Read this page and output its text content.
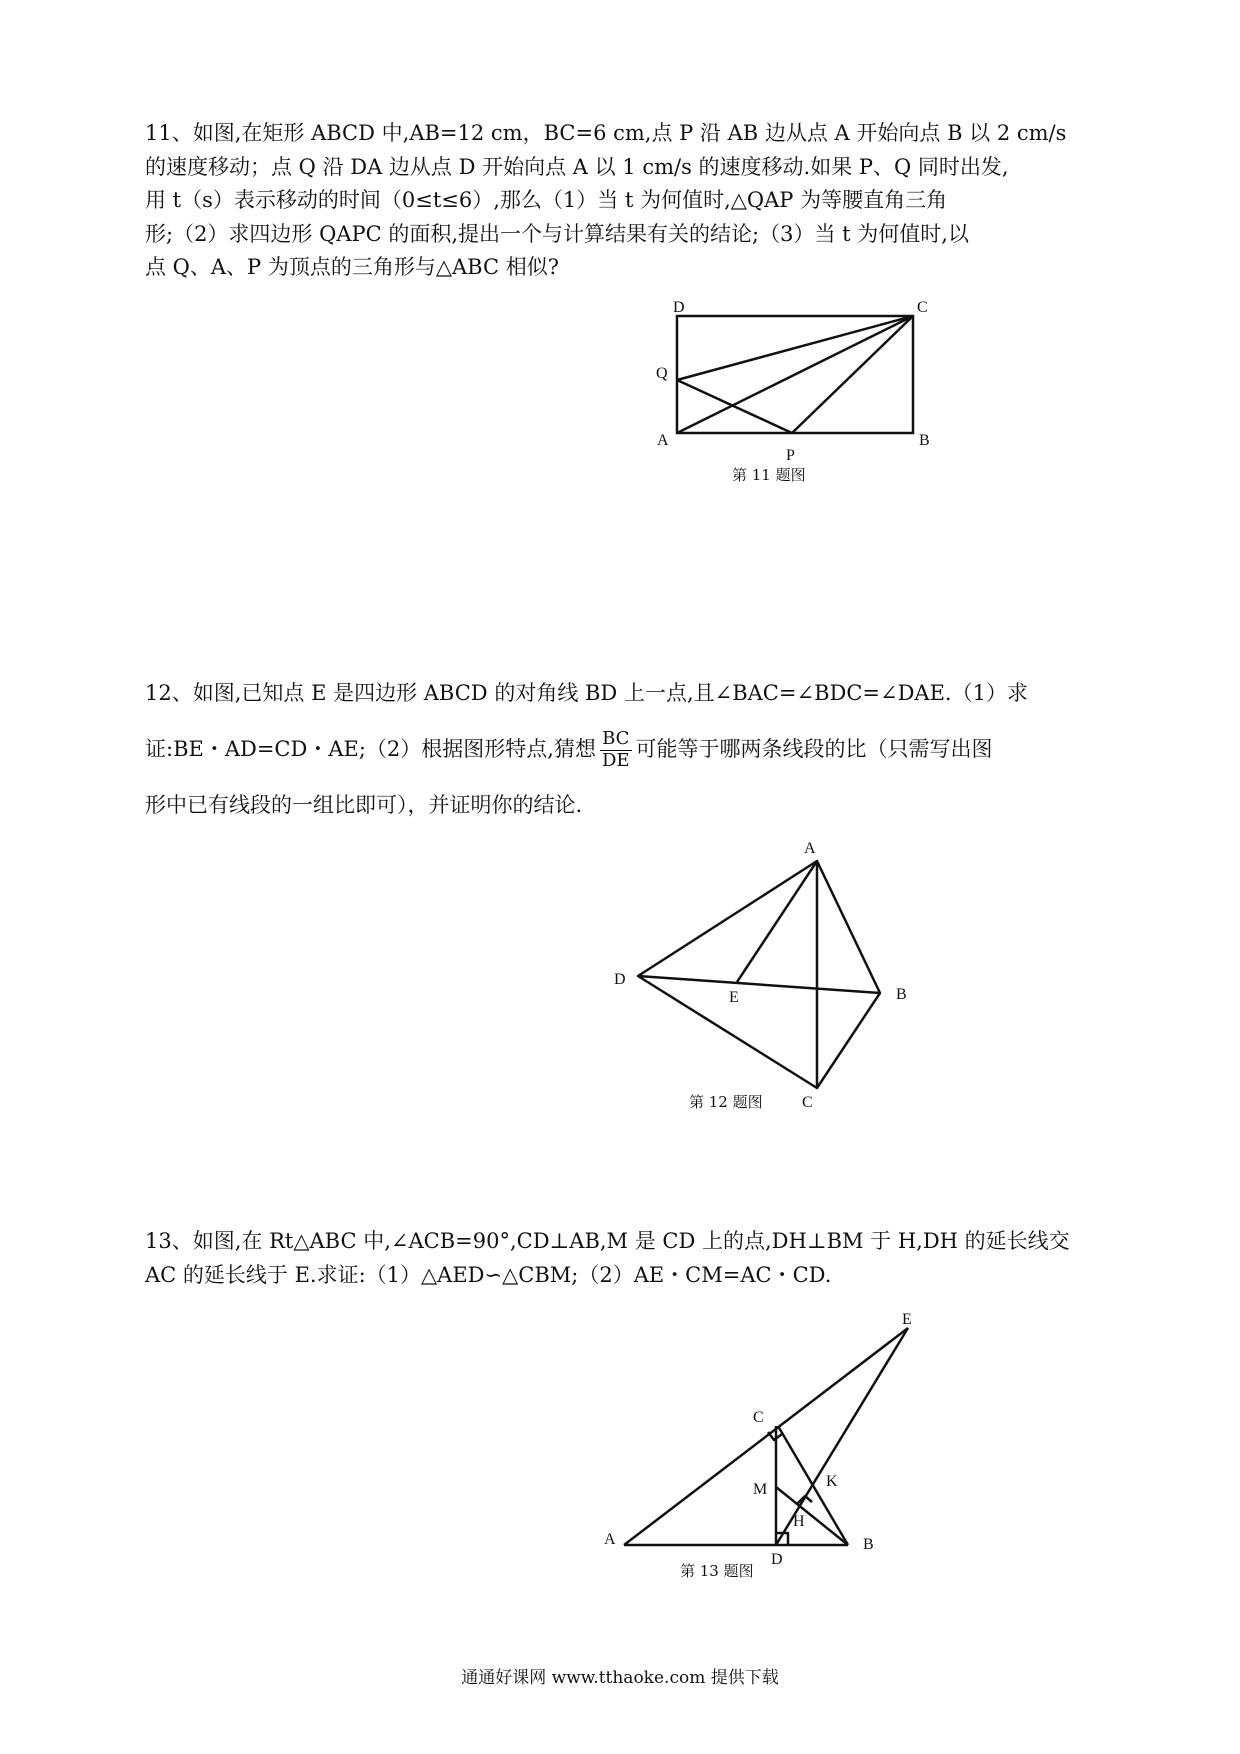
11、如图,在矩形 ABCD 中,AB=12 cm，BC=6 cm,点 P 沿 AB 边从点 A 开始向点 B 以 2 cm/s
的速度移动；点 Q 沿 DA 边从点 D 开始向点 A 以 1 cm/s 的速度移动.如果 P、Q 同时出发,
用 t（s）表示移动的时间（0≤t≤6）,那么（1）当 t 为何值时,△QAP 为等腰直角三角
形;（2）求四边形 QAPC 的面积,提出一个与计算结果有关的结论;（3）当 t 为何值时,以
点 Q、A、P 为顶点的三角形与△ABC 相似?
12、如图,已知点 E 是四边形 ABCD 的对角线 BD 上一点,且∠BAC=∠BDC=∠DAE.（1）求
证:BE・AD=CD・AE;（2）根据图形特点,猜想 $\frac{BC}{DE}$ 可能等于哪两条线段的比（只需写出图
形中已有线段的一组比即可），并证明你的结论.
13、如图,在 Rt△ABC 中,∠ACB=90°,CD⊥AB,M 是 CD 上的点,DH⊥BM 于 H,DH 的延长线交
AC 的延长线于 E.求证:（1）△AED∽△CBM;（2）AE・CM=AC・CD.
D	C
Q
A
P
B
第 11 题图
A
D
E	B
C
第 12 题图
E
C
K
M
H
A
D
B
第 13 题图
通通好课网 www.tthaoke.com 提供下载
